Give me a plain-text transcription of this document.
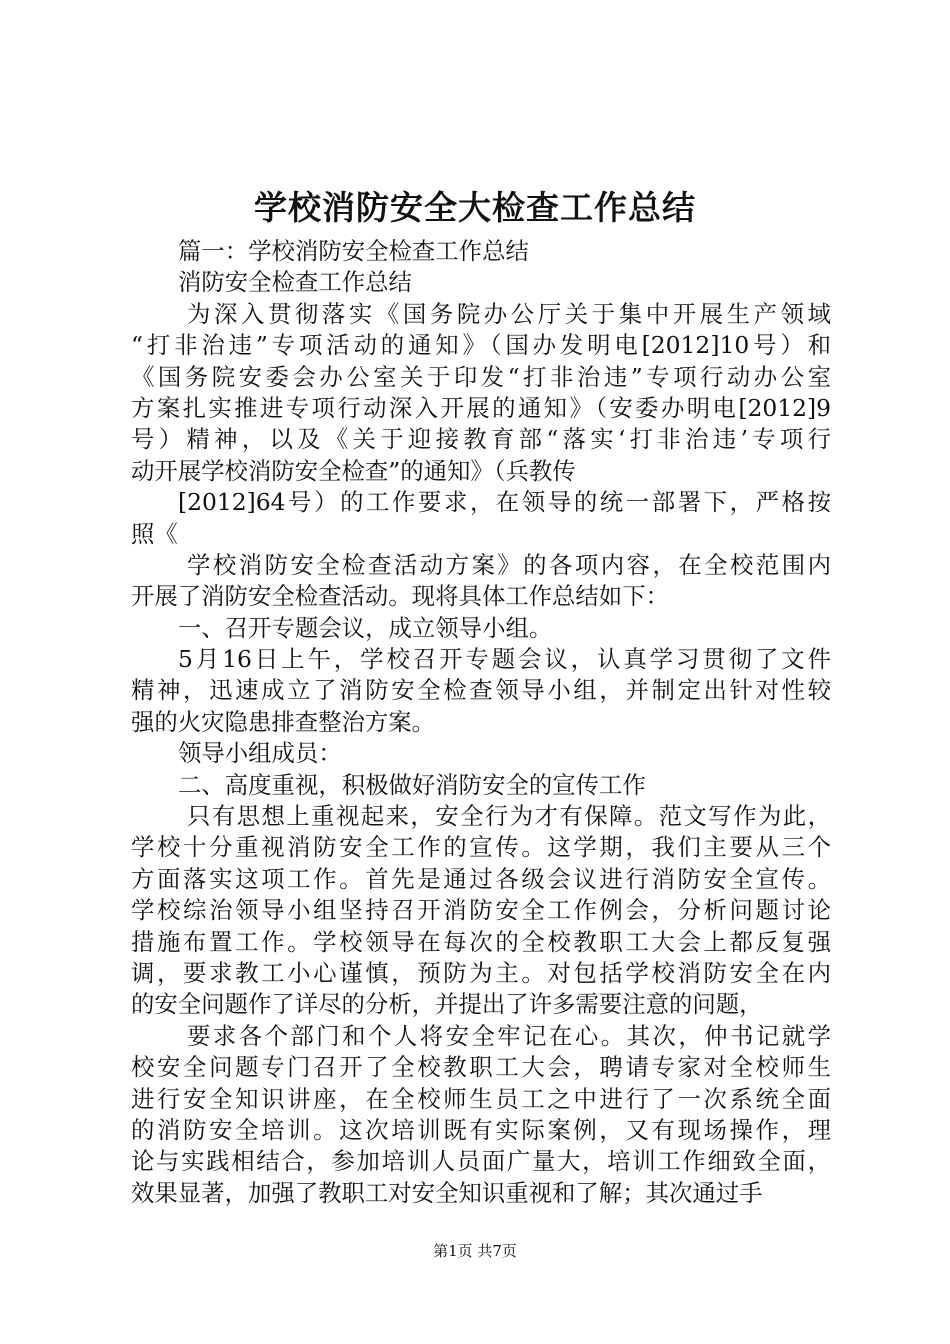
学校消防安全大检查工作总结
篇一：学校消防安全检查工作总结
消防安全检查工作总结
为深入贯彻落实《国务院办公厅关于集中开展生产领域
“打非治违”专项活动的通知》（国办发明电[2012]10号）和
《国务院安委会办公室关于印发“打非治违”专项行动办公室
方案扎实推进专项行动深入开展的通知》（安委办明电[2012]9
号）精神，以及《关于迎接教育部“落实‘打非治违’专项行
动开展学校消防安全检查”的通知》（兵教传
[2012]64号）的工作要求，在领导的统一部署下，严格按
照《
学校消防安全检查活动方案》的各项内容，在全校范围内
开展了消防安全检查活动。现将具体工作总结如下：
一、召开专题会议，成立领导小组。
5月16日上午，学校召开专题会议，认真学习贯彻了文件
精神，迅速成立了消防安全检查领导小组，并制定出针对性较
强的火灾隐患排查整治方案。
领导小组成员：
二、高度重视，积极做好消防安全的宣传工作
只有思想上重视起来，安全行为才有保障。范文写作为此，
学校十分重视消防安全工作的宣传。这学期，我们主要从三个
方面落实这项工作。首先是通过各级会议进行消防安全宣传。
学校综治领导小组坚持召开消防安全工作例会，分析问题讨论
措施布置工作。学校领导在每次的全校教职工大会上都反复强
调，要求教工小心谨慎，预防为主。对包括学校消防安全在内
的安全问题作了详尽的分析，并提出了许多需要注意的问题，
要求各个部门和个人将安全牢记在心。其次，仲书记就学
校安全问题专门召开了全校教职工大会，聘请专家对全校师生
进行安全知识讲座，在全校师生员工之中进行了一次系统全面
的消防安全培训。这次培训既有实际案例，又有现场操作，理
论与实践相结合，参加培训人员面广量大，培训工作细致全面，
效果显著，加强了教职工对安全知识重视和了解；其次通过手
第1页 共7页
